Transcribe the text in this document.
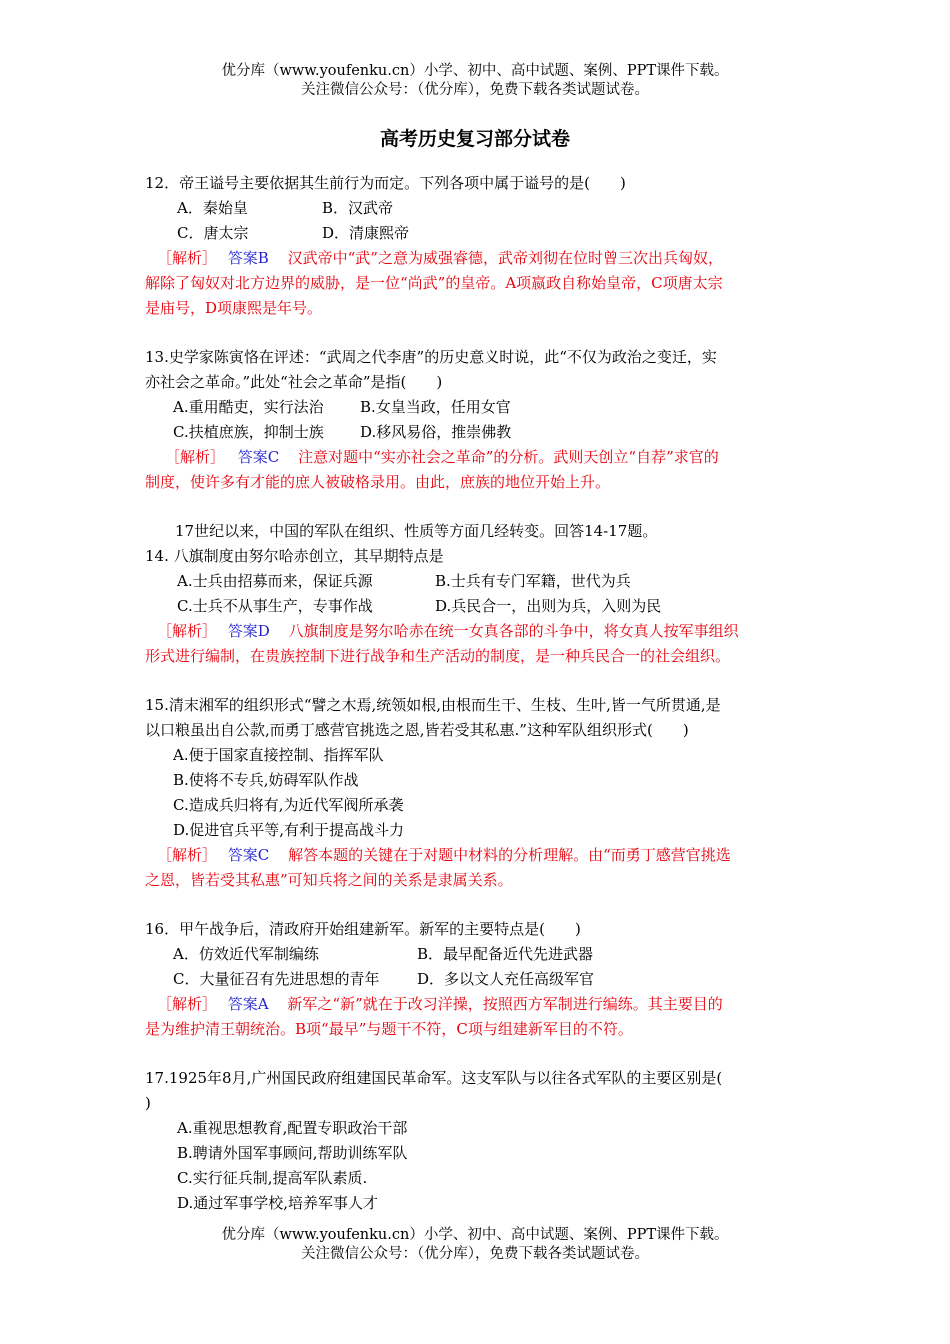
优分库（www.youfenku.cn）小学、初中、高中试题、案例、PPT课件下载。
关注微信公众号：（优分库），免费下载各类试题试卷。
高考历史复习部分试卷
12．帝王谥号主要依据其生前行为而定。下列各项中属于谥号的是(　　)
A．秦始皇	B．汉武帝
C．唐太宗	D．清康熙帝
［解析］ 答案B 汉武帝中“武”之意为威强睿德，武帝刘彻在位时曾三次出兵匈奴，
解除了匈奴对北方边界的威胁，是一位“尚武”的皇帝。A项嬴政自称始皇帝，C项唐太宗
是庙号，D项康熙是年号。
13.史学家陈寅恪在评述：“武周之代李唐”的历史意义时说，此“不仅为政治之变迁，实
亦社会之革命。”此处“社会之革命”是指(　　)
A.重用酷吏，实行法治 B.女皇当政，任用女官
C.扶植庶族，抑制士族 D.移风易俗，推崇佛教
［解析］ 答案C 注意对题中“实亦社会之革命”的分析。武则天创立“自荐”求官的
制度，使许多有才能的庶人被破格录用。由此，庶族的地位开始上升。
17世纪以来，中国的军队在组织、性质等方面几经转变。回答14-17题。
14. 八旗制度由努尔哈赤创立，其早期特点是
A.士兵由招募而来，保证兵源	B.士兵有专门军籍，世代为兵
C.士兵不从事生产，专事作战	D.兵民合一，出则为兵，入则为民
［解析］ 答案D 八旗制度是努尔哈赤在统一女真各部的斗争中，将女真人按军事组织
形式进行编制，在贵族控制下进行战争和生产活动的制度，是一种兵民合一的社会组织。
15.清末湘军的组织形式“譬之木焉,统领如根,由根而生干、生枝、生叶,皆一气所贯通,是
以口粮虽出自公款,而勇丁感营官挑选之恩,皆若受其私惠.”这种军队组织形式(　　)
A.便于国家直接控制、指挥军队
B.使将不专兵,妨碍军队作战
C.造成兵归将有,为近代军阀所承袭
D.促进官兵平等,有利于提高战斗力
［解析］ 答案C 解答本题的关键在于对题中材料的分析理解。由“而勇丁感营官挑选
之恩，皆若受其私惠”可知兵将之间的关系是隶属关系。
16．甲午战争后，清政府开始组建新军。新军的主要特点是(　　)
A．仿效近代军制编练	B．最早配备近代先进武器
C．大量征召有先进思想的青年	D．多以文人充任高级军官
［解析］ 答案A 新军之“新”就在于改习洋操，按照西方军制进行编练。其主要目的
是为维护清王朝统治。B项“最早”与题干不符，C项与组建新军目的不符。
17.1925年8月,广州国民政府组建国民革命军。这支军队与以往各式军队的主要区别是(
)
A.重视思想教育,配置专职政治干部
B.聘请外国军事顾问,帮助训练军队
C.实行征兵制,提高军队素质.
D.通过军事学校,培养军事人才
优分库（www.youfenku.cn）小学、初中、高中试题、案例、PPT课件下载。
关注微信公众号：（优分库），免费下载各类试题试卷。
